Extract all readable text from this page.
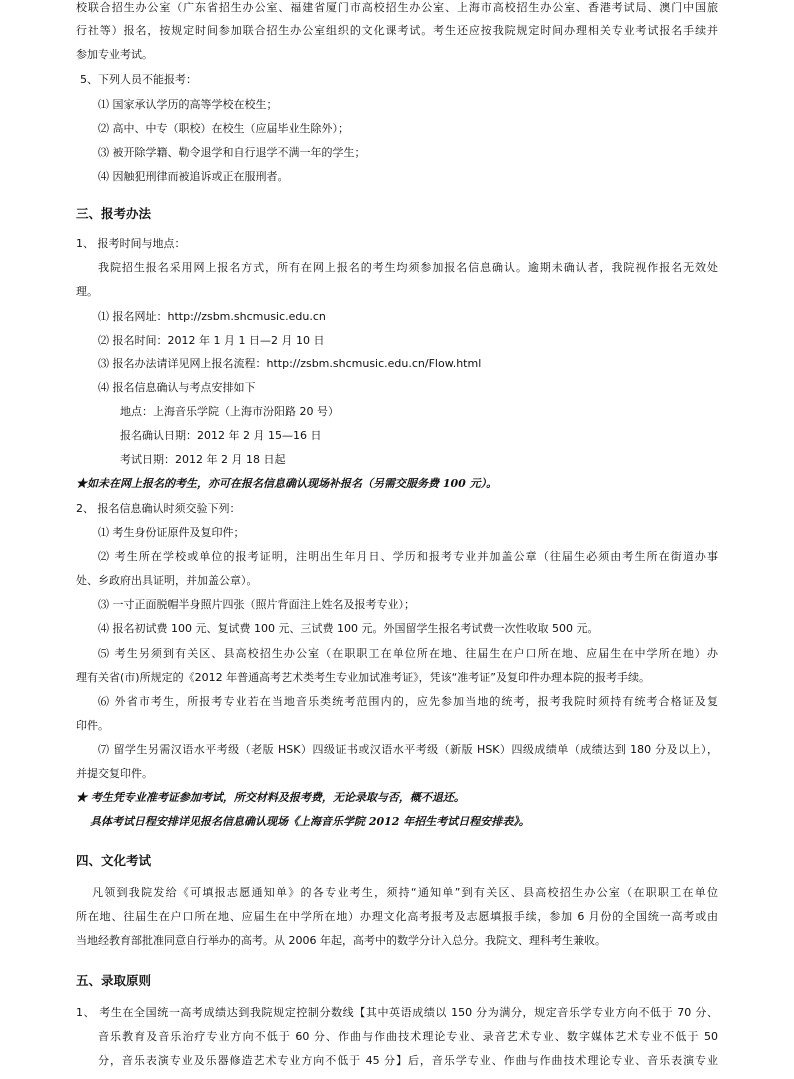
校联合招生办公室（广东省招生办公室、福建省厦门市高校招生办公室、上海市高校招生办公室、香港考试局、澳门中国旅
行社等）报名，按规定时间参加联合招生办公室组织的文化课考试。考生还应按我院规定时间办理相关专业考试报名手续并
参加专业考试。
5、下列人员不能报考：
⑴ 国家承认学历的高等学校在校生；
⑵ 高中、中专（职校）在校生（应届毕业生除外）；
⑶ 被开除学籍、勒令退学和自行退学不满一年的学生；
⑷ 因触犯刑律而被追诉或正在服刑者。
三、报考办法
1、 报考时间与地点：
我院招生报名采用网上报名方式，所有在网上报名的考生均须参加报名信息确认。逾期未确认者，我院视作报名无效处
理。
⑴ 报名网址：http://zsbm.shcmusic.edu.cn
⑵ 报名时间：2012 年 1 月 1 日—2 月 10 日
⑶ 报名办法请详见网上报名流程：http://zsbm.shcmusic.edu.cn/Flow.html
⑷ 报名信息确认与考点安排如下
地点：上海音乐学院（上海市汾阳路 20 号）
报名确认日期：2012 年 2 月 15—16 日
考试日期：2012 年 2 月 18 日起
★如未在网上报名的考生，亦可在报名信息确认现场补报名（另需交服务费 100 元）。
2、 报名信息确认时须交验下列：
⑴ 考生身份证原件及复印件；
⑵ 考生所在学校或单位的报考证明，注明出生年月日、学历和报考专业并加盖公章（往届生必须由考生所在街道办事
处、乡政府出具证明，并加盖公章）。
⑶ 一寸正面脱帽半身照片四张（照片背面注上姓名及报考专业）；
⑷ 报名初试费 100 元、复试费 100 元、三试费 100 元。外国留学生报名考试费一次性收取 500 元。
⑸ 考生另须到有关区、县高校招生办公室（在职职工在单位所在地、往届生在户口所在地、应届生在中学所在地）办
理有关省(市)所规定的《2012 年普通高考艺术类考生专业加试准考证》，凭该“准考证”及复印件办理本院的报考手续。
⑹ 外省市考生，所报考专业若在当地音乐类统考范围内的，应先参加当地的统考，报考我院时须持有统考合格证及复
印件。
⑺ 留学生另需汉语水平考级（老版 HSK）四级证书或汉语水平考级（新版 HSK）四级成绩单（成绩达到 180 分及以上），
并提交复印件。
★ 考生凭专业准考证参加考试，所交材料及报考费，无论录取与否，概不退还。
具体考试日程安排详见报名信息确认现场《上海音乐学院 2012 年招生考试日程安排表》。
四、文化考试
凡领到我院发给《可填报志愿通知单》的各专业考生，须持“通知单”到有关区、县高校招生办公室（在职职工在单位
所在地、往届生在户口所在地、应届生在中学所在地）办理文化高考报考及志愿填报手续，参加 6 月份的全国统一高考或由
当地经教育部批准同意自行举办的高考。从 2006 年起，高考中的数学分计入总分。我院文、理科考生兼收。
五、录取原则
1、 考生在全国统一高考成绩达到我院规定控制分数线【其中英语成绩以 150 分为满分，规定音乐学专业方向不低于 70 分、
音乐教育及音乐治疗专业方向不低于 60 分、作曲与作曲技术理论专业、录音艺术专业、数字媒体艺术专业不低于 50
分，音乐表演专业及乐器修造艺术专业方向不低于 45 分】后，音乐学专业、作曲与作曲技术理论专业、音乐表演专业
